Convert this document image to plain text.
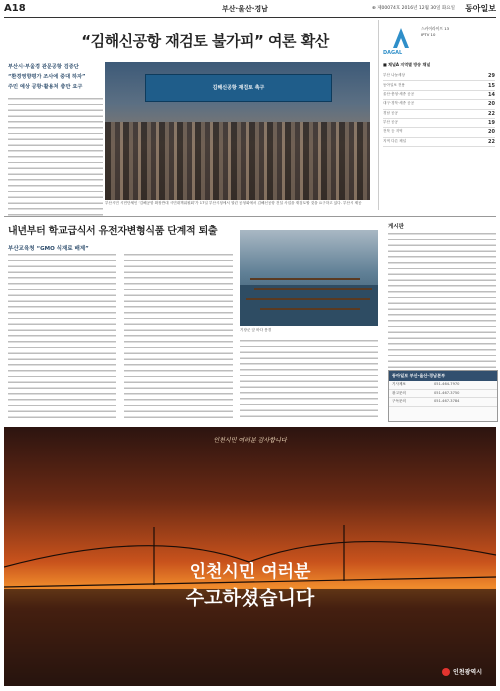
A18	부산·울산·경남	⊕ 제00074호 2016년 12월 30일 화요일 동아일보
“김해신공항 재검토 불가피” 여론 확산
부산시·부울경 관문공항 검증단
“환경영향평가 조사에 중대 하자”
주민 예상 공항·활용처 충만 요구	김해신공항 재검토 촉구
부산시민 시민단체인 ‘김해공항 확장반대 시민대책위원회’가 17일 부산시청에서 열린 공청회에서 김해신공항 건설 사업을 재검토할 것을 요구하고 있다. 부산시 제공
스카이라이프 13
IPTV 10
DAGAL
■ 채널A 지역별 방송 채널
부산 나눔세상	29
동아일보 전용	15
울산·충청·세종 공공	14
대구·경북·세종 공공	20
경남 공공	22
부산 공공	19
전북 등 지역	20
지역 다른 채널	22
내년부터 학교급식서 유전자변형식품 단계적 퇴출
부산교육청 “GMO 식재료 배제”
기장군 앞 바다 풍경
게시판
동아일보 부산·울산·경남본부
기사제보	051-464-7970
광고문의	051-467-3750
구독문의	051-467-3784
인천시민 여러분 감사합니다
인천시민 여러분
수고하셨습니다
인천광역시
